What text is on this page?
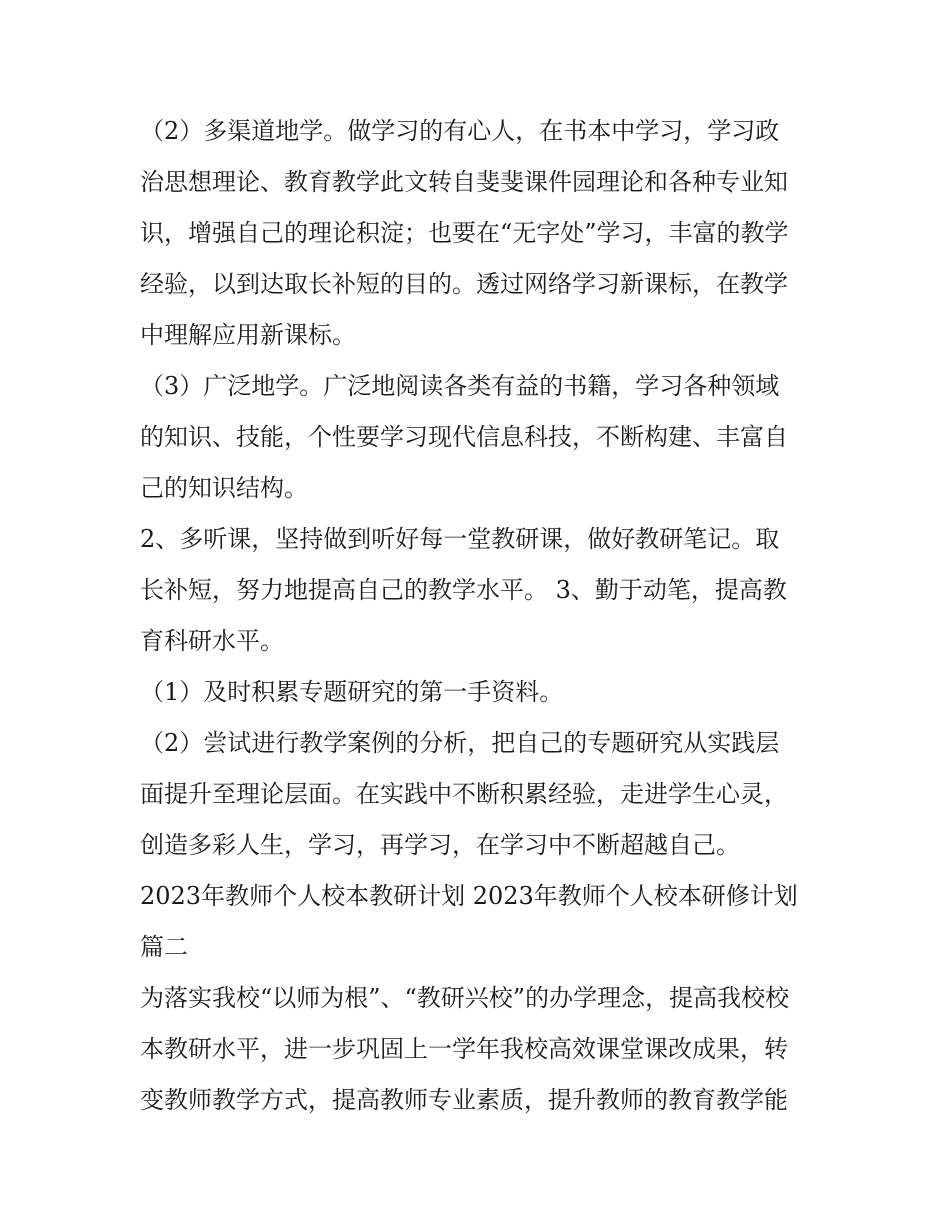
（2）多渠道地学。做学习的有心人，在书本中学习，学习政
治思想理论、教育教学此文转自斐斐课件园理论和各种专业知
识，增强自己的理论积淀；也要在“无字处”学习，丰富的教学
经验，以到达取长补短的目的。透过网络学习新课标，在教学
中理解应用新课标。
（3）广泛地学。广泛地阅读各类有益的书籍，学习各种领域
的知识、技能，个性要学习现代信息科技，不断构建、丰富自
己的知识结构。
2、多听课，坚持做到听好每一堂教研课，做好教研笔记。取
长补短，努力地提高自己的教学水平。 3、勤于动笔，提高教
育科研水平。
（1）及时积累专题研究的第一手资料。
（2）尝试进行教学案例的分析，把自己的专题研究从实践层
面提升至理论层面。在实践中不断积累经验，走进学生心灵，
创造多彩人生，学习，再学习，在学习中不断超越自己。
2023年教师个人校本教研计划 2023年教师个人校本研修计划
篇二
为落实我校“以师为根”、“教研兴校”的办学理念，提高我校校
本教研水平，进一步巩固上一学年我校高效课堂课改成果，转
变教师教学方式，提高教师专业素质，提升教师的教育教学能
